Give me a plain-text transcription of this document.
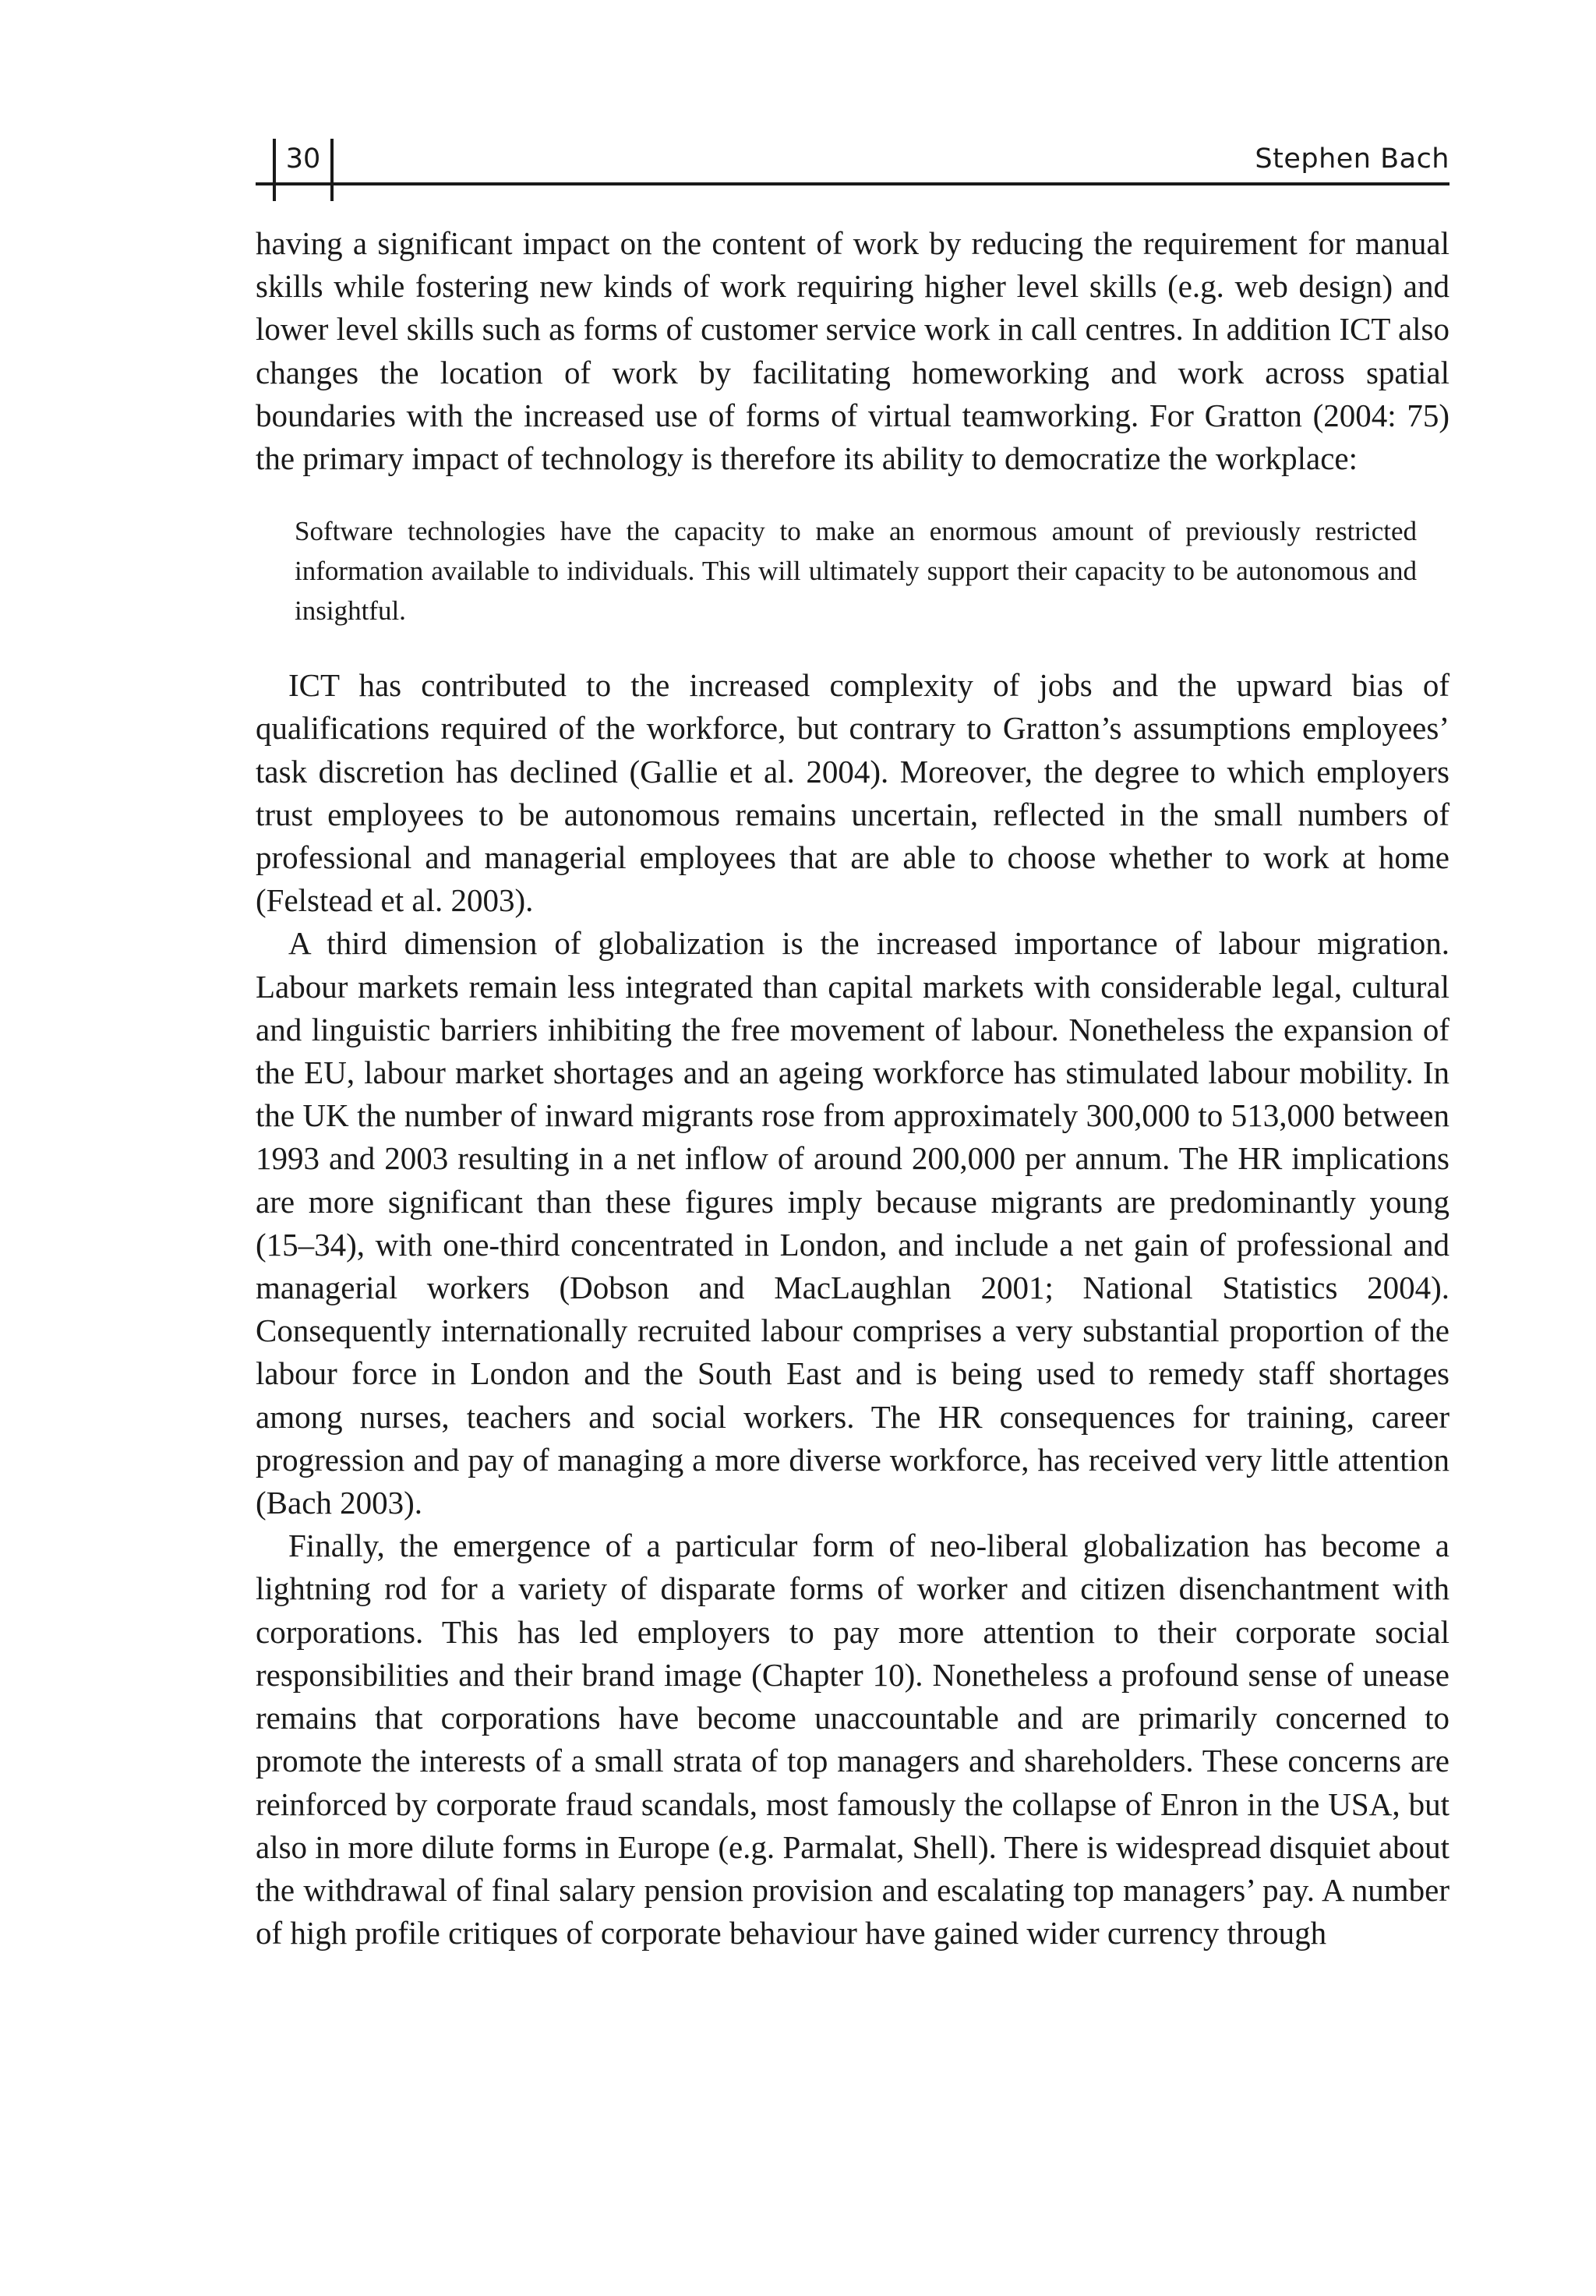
30	Stephen Bach

having a significant impact on the content of work by reducing the requirement for manual skills while fostering new kinds of work requiring higher level skills (e.g. web design) and lower level skills such as forms of customer service work in call centres. In addition ICT also changes the location of work by facilitating homeworking and work across spatial boundaries with the increased use of forms of virtual teamworking. For Gratton (2004: 75) the primary impact of technology is therefore its ability to democratize the workplace:

Software technologies have the capacity to make an enormous amount of previously restricted information available to individuals. This will ultimately support their capacity to be autonomous and insightful.

ICT has contributed to the increased complexity of jobs and the upward bias of qualifications required of the workforce, but contrary to Gratton’s assumptions employees’ task discretion has declined (Gallie et al. 2004). Moreover, the degree to which employers trust employees to be autonomous remains uncertain, reflected in the small numbers of professional and managerial employees that are able to choose whether to work at home (Felstead et al. 2003).

A third dimension of globalization is the increased importance of labour migration. Labour markets remain less integrated than capital markets with considerable legal, cultural and linguistic barriers inhibiting the free movement of labour. Nonetheless the expansion of the EU, labour market shortages and an ageing workforce has stimulated labour mobility. In the UK the number of inward migrants rose from approximately 300,000 to 513,000 between 1993 and 2003 resulting in a net inflow of around 200,000 per annum. The HR implications are more significant than these figures imply because migrants are predominantly young (15–34), with one-third concentrated in London, and include a net gain of professional and managerial workers (Dobson and MacLaughlan 2001; National Statistics 2004). Consequently internationally recruited labour comprises a very substantial proportion of the labour force in London and the South East and is being used to remedy staff shortages among nurses, teachers and social workers. The HR consequences for training, career progression and pay of managing a more diverse workforce, has received very little attention (Bach 2003).

Finally, the emergence of a particular form of neo-liberal globalization has become a lightning rod for a variety of disparate forms of worker and citizen disenchantment with corporations. This has led employers to pay more attention to their corporate social responsibilities and their brand image (Chapter 10). Nonetheless a profound sense of unease remains that corporations have become unaccountable and are primarily concerned to promote the interests of a small strata of top managers and shareholders. These concerns are reinforced by corporate fraud scandals, most famously the collapse of Enron in the USA, but also in more dilute forms in Europe (e.g. Parmalat, Shell). There is widespread disquiet about the withdrawal of final salary pension provision and escalating top managers’ pay. A number of high profile critiques of corporate behaviour have gained wider currency through
